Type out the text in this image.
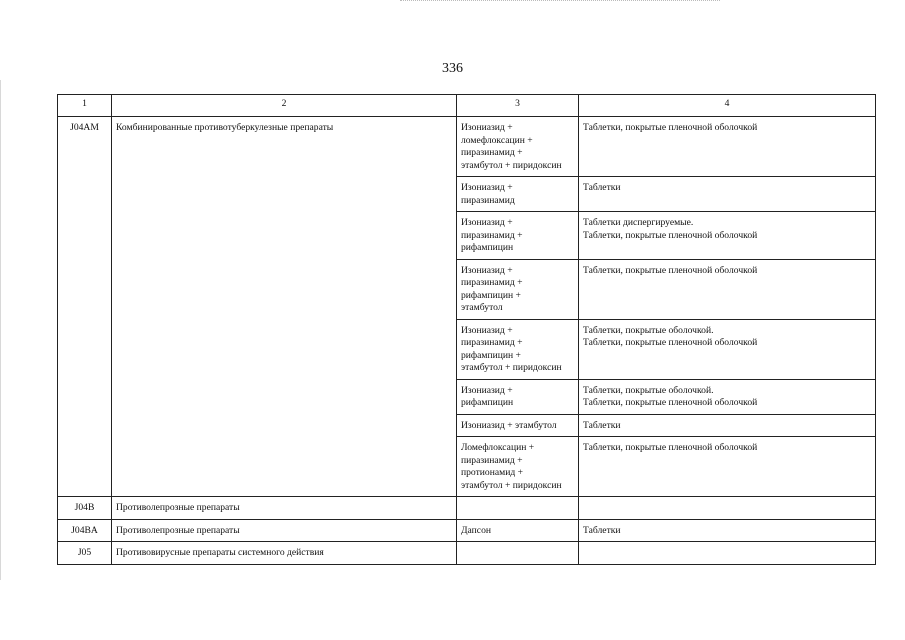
336
1	2	3	4
J04AM	Комбинированные противотуберкулезные препараты	Изониазид +
ломефлоксацин +
пиразинамид +
этамбутол + пиридоксин	Таблетки, покрытые пленочной оболочкой

		Изониазид +
пиразинамид	Таблетки

		Изониазид +
пиразинамид +
рифампицин	Таблетки диспергируемые.
Таблетки, покрытые пленочной оболочкой

		Изониазид +
пиразинамид +
рифампицин +
этамбутол	Таблетки, покрытые пленочной оболочкой

		Изониазид +
пиразинамид +
рифампицин +
этамбутол + пиридоксин	Таблетки, покрытые оболочкой.
Таблетки, покрытые пленочной оболочкой

		Изониазид +
рифампицин	Таблетки, покрытые оболочкой.
Таблетки, покрытые пленочной оболочкой

		Изониазид + этамбутол	Таблетки

		Ломефлоксацин +
пиразинамид +
протионамид +
этамбутол + пиридоксин	Таблетки, покрытые пленочной оболочкой

J04B	Противолепрозные препараты		
J04BA	Противолепрозные препараты	Дапсон	Таблетки
J05	Противовирусные препараты системного действия		
